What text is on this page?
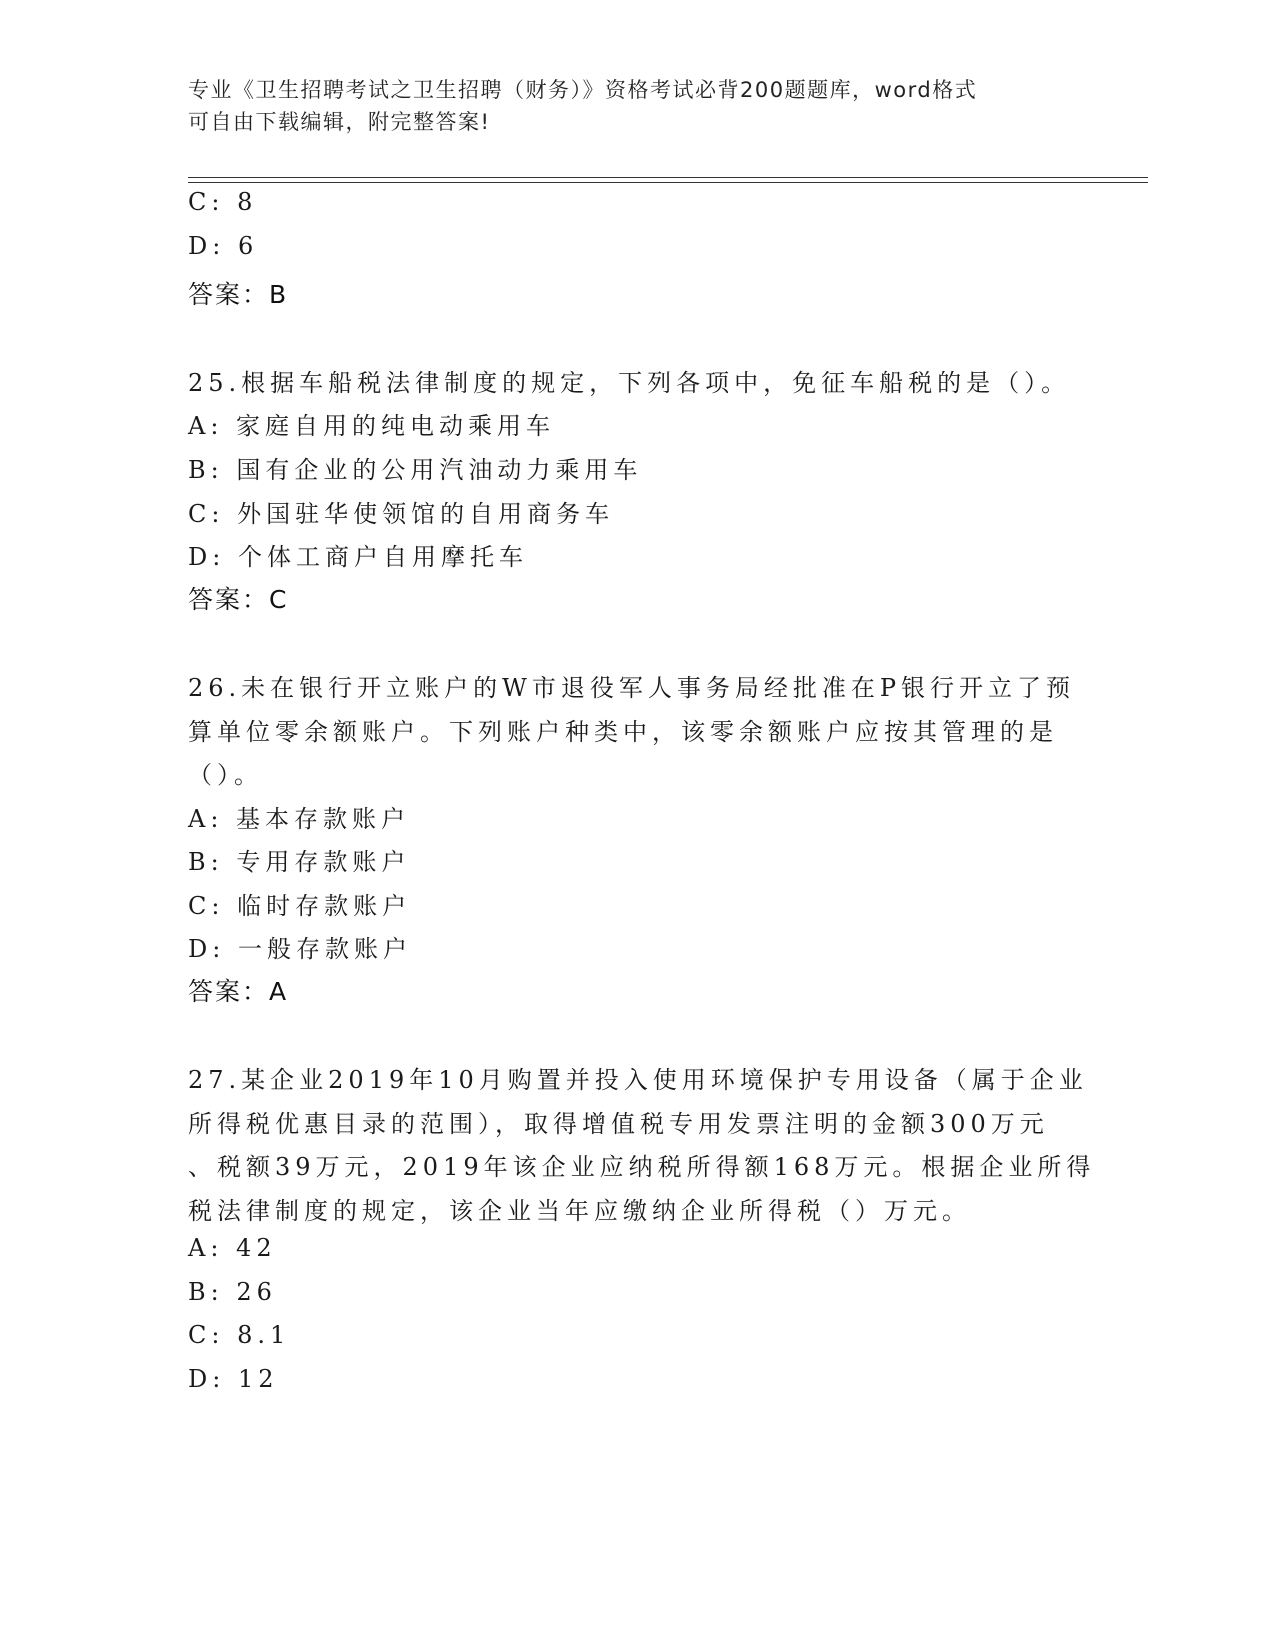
专业《卫生招聘考试之卫生招聘（财务）》资格考试必背200题题库，word格式
可自由下载编辑，附完整答案!
C: 8
D: 6
答案：B
25.根据车船税法律制度的规定，下列各项中，免征车船税的是（）。
A: 家庭自用的纯电动乘用车
B: 国有企业的公用汽油动力乘用车
C: 外国驻华使领馆的自用商务车
D: 个体工商户自用摩托车
答案：C
26.未在银行开立账户的W市退役军人事务局经批准在P银行开立了预
算单位零余额账户。下列账户种类中，该零余额账户应按其管理的是
（）。
A: 基本存款账户
B: 专用存款账户
C: 临时存款账户
D: 一般存款账户
答案：A
27.某企业2019年10月购置并投入使用环境保护专用设备（属于企业
所得税优惠目录的范围），取得增值税专用发票注明的金额300万元
、税额39万元，2019年该企业应纳税所得额168万元。根据企业所得
税法律制度的规定，该企业当年应缴纳企业所得税（）万元。
A: 42
B: 26
C: 8.1
D: 12
